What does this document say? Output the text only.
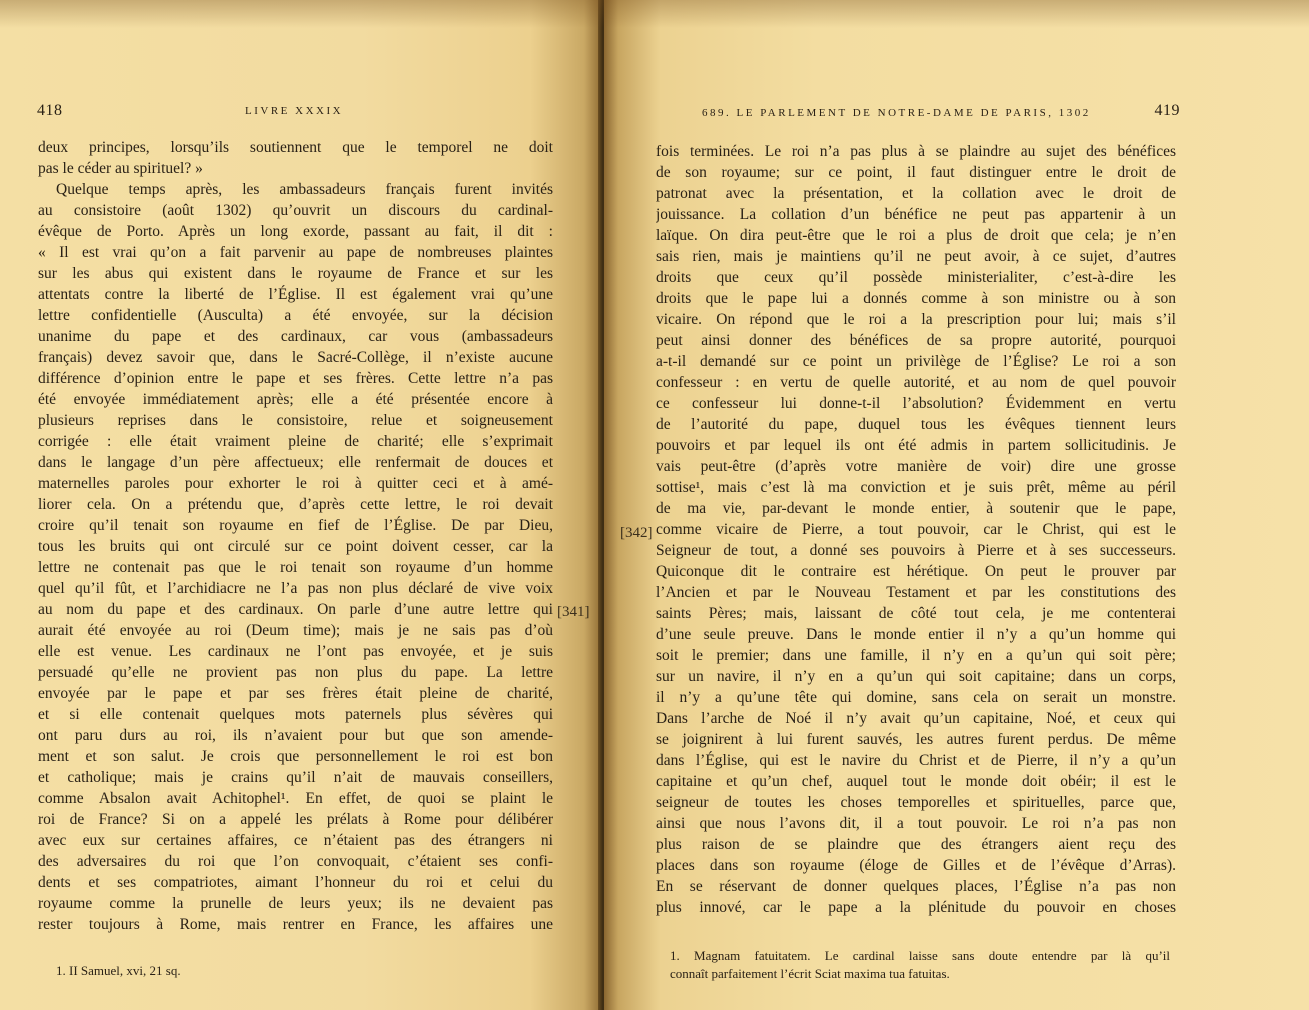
418	LIVRE XXXIX
deux principes, lorsqu’ils soutiennent que le temporel ne doit
pas le céder au spirituel? »
Quelque temps après, les ambassadeurs français furent invités
au consistoire (août 1302) qu’ouvrit un discours du cardinal-
évêque de Porto. Après un long exorde, passant au fait, il dit :
« Il est vrai qu’on a fait parvenir au pape de nombreuses plaintes
sur les abus qui existent dans le royaume de France et sur les
attentats contre la liberté de l’Église. Il est également vrai qu’une
lettre confidentielle (Ausculta) a été envoyée, sur la décision
unanime du pape et des cardinaux, car vous (ambassadeurs
français) devez savoir que, dans le Sacré-Collège, il n’existe aucune
différence d’opinion entre le pape et ses frères. Cette lettre n’a pas
été envoyée immédiatement après; elle a été présentée encore à
plusieurs reprises dans le consistoire, relue et soigneusement
corrigée : elle était vraiment pleine de charité; elle s’exprimait
dans le langage d’un père affectueux; elle renfermait de douces et
maternelles paroles pour exhorter le roi à quitter ceci et à amé-
liorer cela. On a prétendu que, d’après cette lettre, le roi devait
croire qu’il tenait son royaume en fief de l’Église. De par Dieu,
tous les bruits qui ont circulé sur ce point doivent cesser, car la
lettre ne contenait pas que le roi tenait son royaume d’un homme
quel qu’il fût, et l’archidiacre ne l’a pas non plus déclaré de vive voix
au nom du pape et des cardinaux. On parle d’une autre lettre qui
aurait été envoyée au roi (Deum time); mais je ne sais pas d’où
elle est venue. Les cardinaux ne l’ont pas envoyée, et je suis
persuadé qu’elle ne provient pas non plus du pape. La lettre
envoyée par le pape et par ses frères était pleine de charité,
et si elle contenait quelques mots paternels plus sévères qui
ont paru durs au roi, ils n’avaient pour but que son amende-
ment et son salut. Je crois que personnellement le roi est bon
et catholique; mais je crains qu’il n’ait de mauvais conseillers,
comme Absalon avait Achitophel¹. En effet, de quoi se plaint le
roi de France? Si on a appelé les prélats à Rome pour délibérer
avec eux sur certaines affaires, ce n’étaient pas des étrangers ni
des adversaires du roi que l’on convoquait, c’étaient ses confi-
dents et ses compatriotes, aimant l’honneur du roi et celui du
royaume comme la prunelle de leurs yeux; ils ne devaient pas
rester toujours à Rome, mais rentrer en France, les affaires une
1. II Samuel, xvi, 21 sq.
689. LE PARLEMENT DE NOTRE-DAME DE PARIS, 1302	419
fois terminées. Le roi n’a pas plus à se plaindre au sujet des bénéfices
de son royaume; sur ce point, il faut distinguer entre le droit de
patronat avec la présentation, et la collation avec le droit de
jouissance. La collation d’un bénéfice ne peut pas appartenir à un
laïque. On dira peut-être que le roi a plus de droit que cela; je n’en
sais rien, mais je maintiens qu’il ne peut avoir, à ce sujet, d’autres
droits que ceux qu’il possède ministerialiter, c’est-à-dire les
droits que le pape lui a donnés comme à son ministre ou à son
vicaire. On répond que le roi a la prescription pour lui; mais s’il
peut ainsi donner des bénéfices de sa propre autorité, pourquoi
a-t-il demandé sur ce point un privilège de l’Église? Le roi a son
confesseur : en vertu de quelle autorité, et au nom de quel pouvoir
ce confesseur lui donne-t-il l’absolution? Évidemment en vertu
de l’autorité du pape, duquel tous les évêques tiennent leurs
pouvoirs et par lequel ils ont été admis in partem sollicitudinis. Je
vais peut-être (d’après votre manière de voir) dire une grosse
sottise¹, mais c’est là ma conviction et je suis prêt, même au péril
de ma vie, par-devant le monde entier, à soutenir que le pape,
comme vicaire de Pierre, a tout pouvoir, car le Christ, qui est le
Seigneur de tout, a donné ses pouvoirs à Pierre et à ses successeurs.
Quiconque dit le contraire est hérétique. On peut le prouver par
l’Ancien et par le Nouveau Testament et par les constitutions des
saints Pères; mais, laissant de côté tout cela, je me contenterai
d’une seule preuve. Dans le monde entier il n’y a qu’un homme qui
soit le premier; dans une famille, il n’y en a qu’un qui soit père;
sur un navire, il n’y en a qu’un qui soit capitaine; dans un corps,
il n’y a qu’une tête qui domine, sans cela on serait un monstre.
Dans l’arche de Noé il n’y avait qu’un capitaine, Noé, et ceux qui
se joignirent à lui furent sauvés, les autres furent perdus. De même
dans l’Église, qui est le navire du Christ et de Pierre, il n’y a qu’un
capitaine et qu’un chef, auquel tout le monde doit obéir; il est le
seigneur de toutes les choses temporelles et spirituelles, parce que,
ainsi que nous l’avons dit, il a tout pouvoir. Le roi n’a pas non
plus raison de se plaindre que des étrangers aient reçu des
places dans son royaume (éloge de Gilles et de l’évêque d’Arras).
En se réservant de donner quelques places, l’Église n’a pas non
plus innové, car le pape a la plénitude du pouvoir en choses
1. Magnam fatuitatem. Le cardinal laisse sans doute entendre par là qu’il
connaît parfaitement l’écrit Sciat maxima tua fatuitas.
[341]
[342]
